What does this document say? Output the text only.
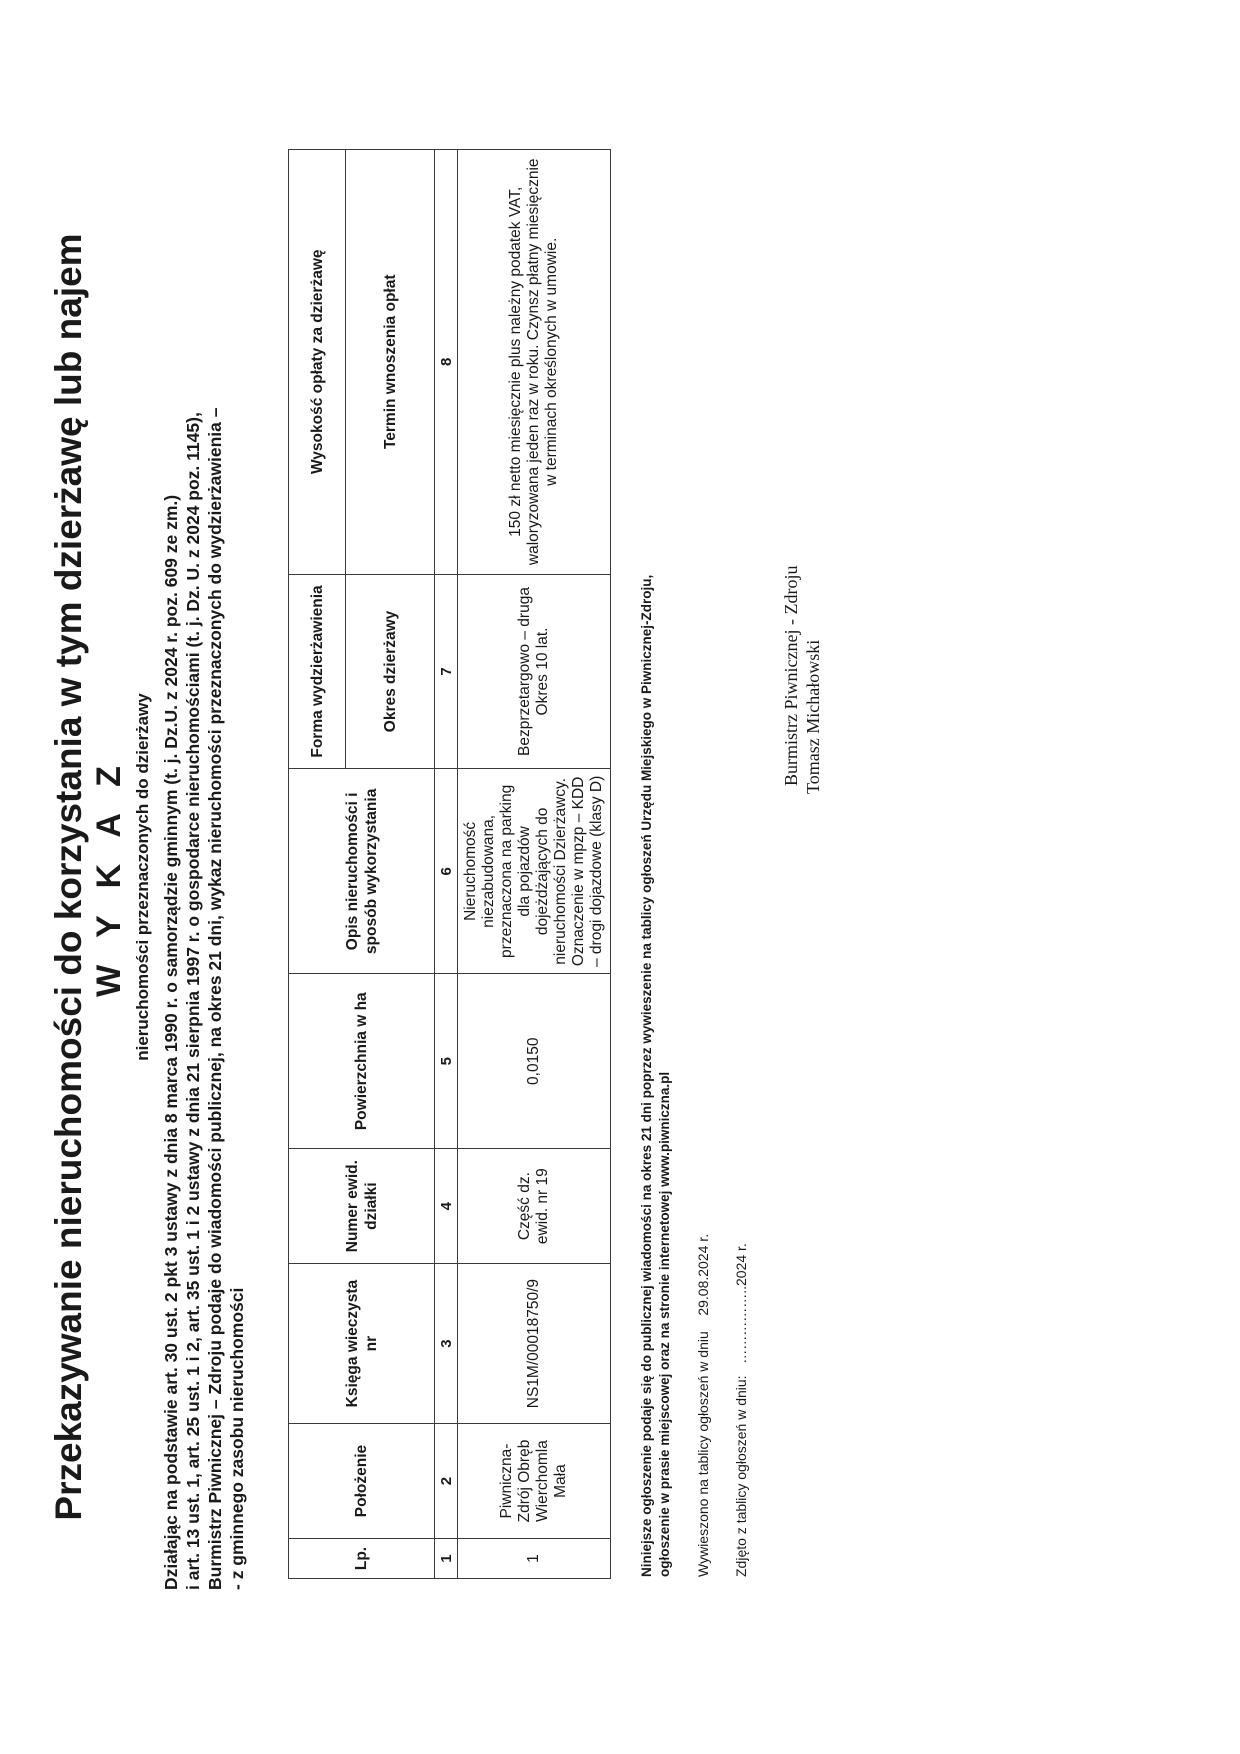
Przekazywanie nieruchomości do korzystania w tym dzierżawę lub najem W Y K A Z nieruchomości przeznaczonych do dzierżawy Działając na podstawie art. 30 ust. 2 pkt 3 ustawy z dnia 8 marca 1990 r. o samorządzie gminnym (t. j. Dz.U. z 2024 r. poz. 609 ze zm.) i art. 13 ust. 1, art. 25 ust. 1 i 2, art. 35 ust. 1 i 2 ustawy z dnia 21 sierpnia 1997 r. o gospodarce nieruchomościami (t. j. Dz. U. z 2024 poz. 1145), Burmistrz Piwnicznej – Zdroju podaje do wiadomości publicznej, na okres 21 dni, wykaz nieruchomości przeznaczonych do wydzierżawienia – - z gminnego zasobu nieruchomości	Lp.	Położenie	Księga wieczysta nr	Numer ewid. działki	Powierzchnia w ha	Opis nieruchomości i sposób wykorzystania	Forma wydzierżawienia	Wysokość opłaty za dzierżawę
						Okres dzierżawy	Termin wnoszenia opłat
1	2	3	4	5	6	7	8
1	Piwniczna-Zdrój Obręb Wierchomla Mała	NS1M/00018750/9	Część dz. ewid. nr 19	0,0150	Nieruchomość niezabudowana, przeznaczona na parking dla pojazdów dojeżdżających do nieruchomości Dzierżawcy. Oznaczenie w mpzp – KDD – drogi dojazdowe (klasy D)	Bezprzetargowo – druga Okres 10 lat.	150 zł netto miesięcznie plus należny podatek VAT, waloryzowana jeden raz w roku. Czynsz płatny miesięcznie w terminach określonych w umowie.
Niniejsze ogłoszenie podaje się do publicznej wiadomości na okres 21 dni poprzez wywieszenie na tablicy ogłoszeń Urzędu Miejskiego w Piwnicznej-Zdroju, ogłoszenie w prasie miejscowej oraz na stronie internetowej www.piwniczna.pl Wywieszono na tablicy ogłoszeń w dniu    29.08.2024 r.
Zdjęto z tablicy ogłoszeń w dniu:   ……………..2024 r.
Burmistrz Piwnicznej - Zdroju Tomasz Michałowski
